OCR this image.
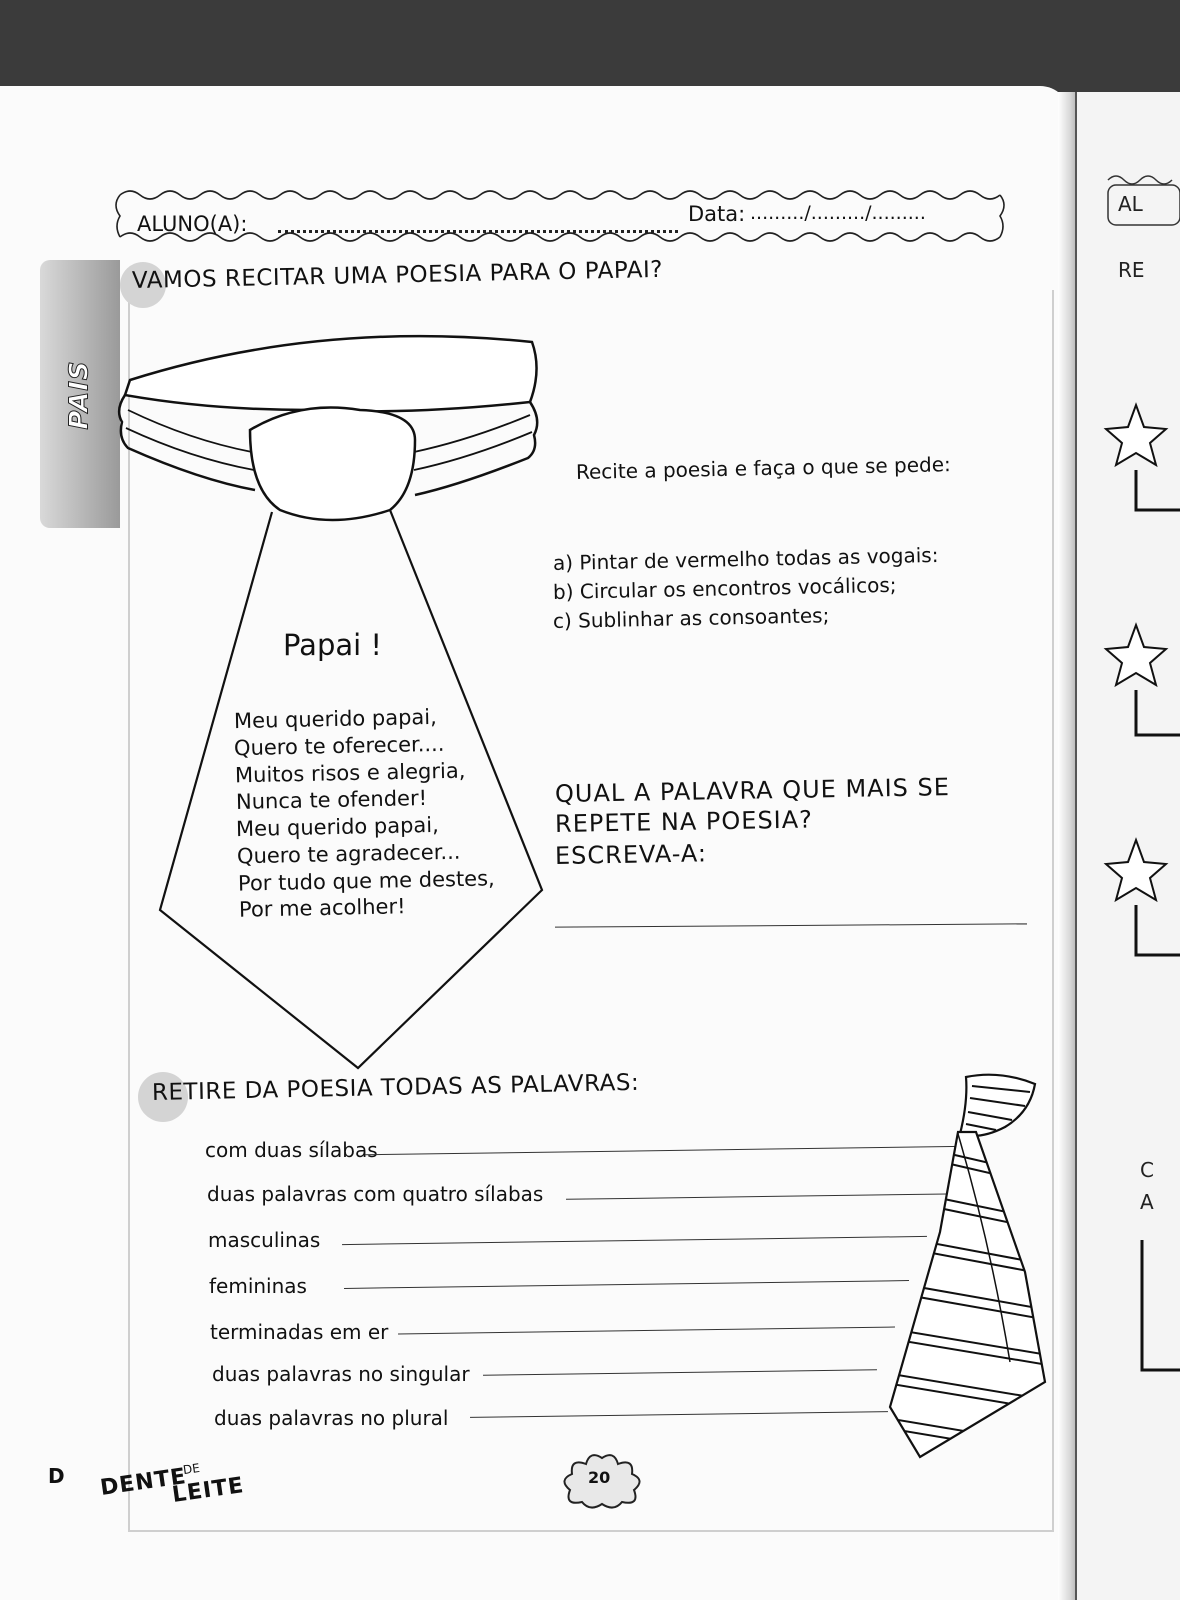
AL
RE
C
A
PAIS
ALUNO(A):	Data: ........./........./.........
VAMOS RECITAR UMA POESIA PARA O PAPAI?
Papai !
Meu querido papai,
Quero te oferecer....
Muitos risos e alegria,
Nunca te ofender!
Meu querido papai,
Quero te agradecer...
Por tudo que me destes,
Por me acolher!
Recite a poesia e faça o que se pede:
a) Pintar de vermelho todas as vogais:
b) Circular os encontros vocálicos;
c) Sublinhar as consoantes;
QUAL A PALAVRA QUE MAIS SE
REPETE NA POESIA?
ESCREVA-A:
RETIRE DA POESIA TODAS AS PALAVRAS:
com duas sílabas
duas palavras com quatro sílabas
masculinas
femininas
terminadas em er
duas palavras no singular
duas palavras no plural
20
DENTE
DE
LEITE
D
